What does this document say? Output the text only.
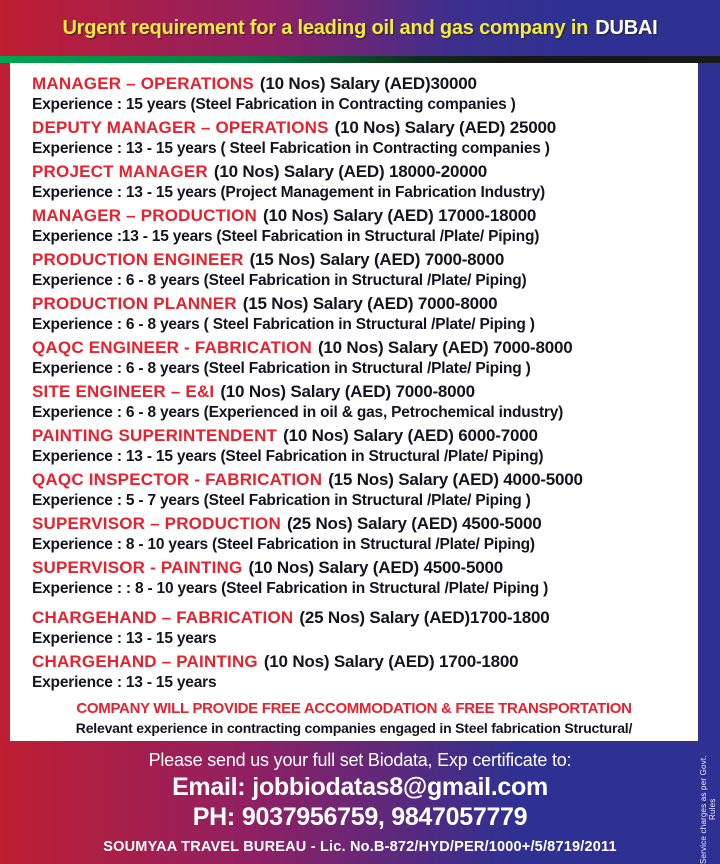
Urgent requirement for a leading oil and gas company in DUBAI
MANAGER – OPERATIONS (10 Nos) Salary (AED)30000
Experience : 15 years (Steel Fabrication in Contracting companies )
DEPUTY MANAGER – OPERATIONS (10 Nos) Salary (AED) 25000
Experience : 13 - 15 years ( Steel Fabrication in Contracting companies )
PROJECT MANAGER (10 Nos) Salary (AED) 18000-20000
Experience : 13 - 15 years (Project Management in Fabrication Industry)
MANAGER – PRODUCTION (10 Nos) Salary (AED) 17000-18000
Experience :13 - 15 years (Steel Fabrication in Structural /Plate/ Piping)
PRODUCTION ENGINEER (15 Nos) Salary (AED) 7000-8000
Experience : 6 - 8 years (Steel Fabrication in Structural /Plate/ Piping)
PRODUCTION PLANNER (15 Nos) Salary (AED) 7000-8000
Experience : 6 - 8 years ( Steel Fabrication in Structural /Plate/ Piping )
QAQC ENGINEER - FABRICATION (10 Nos) Salary (AED) 7000-8000
Experience : 6 - 8 years (Steel Fabrication in Structural /Plate/ Piping )
SITE ENGINEER – E&I (10 Nos) Salary (AED) 7000-8000
Experience : 6 - 8 years (Experienced in oil & gas, Petrochemical industry)
PAINTING SUPERINTENDENT (10 Nos) Salary (AED) 6000-7000
Experience : 13 - 15 years (Steel Fabrication in Structural /Plate/ Piping)
QAQC INSPECTOR - FABRICATION (15 Nos) Salary (AED) 4000-5000
Experience : 5 - 7 years (Steel Fabrication in Structural /Plate/ Piping )
SUPERVISOR – PRODUCTION (25 Nos) Salary (AED) 4500-5000
Experience : 8 - 10 years (Steel Fabrication in Structural /Plate/ Piping)
SUPERVISOR - PAINTING (10 Nos) Salary (AED) 4500-5000
Experience : : 8 - 10 years (Steel Fabrication in Structural /Plate/ Piping )
CHARGEHAND – FABRICATION (25 Nos) Salary (AED)1700-1800
Experience : 13 - 15 years
CHARGEHAND – PAINTING (10 Nos) Salary (AED) 1700-1800
Experience : 13 - 15 years
COMPANY WILL PROVIDE FREE ACCOMMODATION & FREE TRANSPORTATION
Relevant experience in contracting companies engaged in Steel fabrication Structural/
Please send us your full set Biodata, Exp certificate to:
Email: jobbiodatas8@gmail.com
PH: 9037956759, 9847057779
SOUMYAA TRAVEL BUREAU - Lic. No.B-872/HYD/PER/1000+/5/8719/2011	Service charges as per Govt. Rules
